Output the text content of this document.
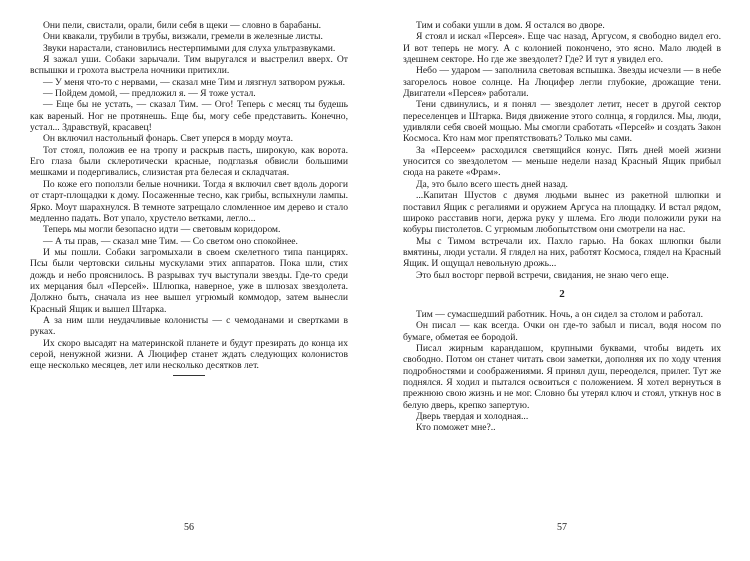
Они пели, свистали, орали, били себя в щеки — словно в барабаны.

Они квакали, трубили в трубы, визжали, гремели в железные листы.

Звуки нарастали, становились нестерпимыми для слуха ультразвуками.

Я зажал уши. Собаки зарычали. Тим выругался и выстрелил вверх. От вспышки и грохота выстрела ночники притихли.

— У меня что-то с нервами, — сказал мне Тим и лязгнул затвором ружья.

— Пойдем домой, — предложил я. — Я тоже устал.

— Еще бы не устать, — сказал Тим. — Ого! Теперь с месяц ты будешь как вареный. Ног не протянешь. Еще бы, могу себе представить. Конечно, устал... Здравствуй, красавец!

Он включил настольный фонарь. Свет уперся в морду моута.

Тот стоял, положив ее на тропу и раскрыв пасть, широкую, как ворота. Его глаза были склеротически красные, подглазья обвисли большими мешками и подергивались, слизистая рта белесая и складчатая.

По коже его поползли белые ночники. Тогда я включил свет вдоль дороги от старт-площадки к дому. Посаженные тесно, как грибы, вспыхнули лампы. Ярко. Моут шарахнулся. В темноте затрещало сломленное им дерево и стало медленно падать. Вот упало, хрустело ветками, легло...

Теперь мы могли безопасно идти — световым коридором.

— А ты прав, — сказал мне Тим. — Со светом оно спокойнее.

И мы пошли. Собаки загромыхали в своем скелетного типа панцирях. Псы были чертовски сильны мускулами этих аппаратов. Пока шли, стих дождь и небо прояснилось. В разрывах туч выступали звезды. Где-то среди их мерцания был «Персей». Шлюпка, наверное, уже в шлюзах звездолета. Должно быть, сначала из нее вышел угрюмый коммодор, затем вынесли Красный Ящик и вышел Штарка.

А за ним шли неудачливые колонисты — с чемоданами и свертками в руках.

Их скоро высадят на материнской планете и будут презирать до конца их серой, ненужной жизни. А Люцифер станет ждать следующих колонистов еще несколько месяцев, лет или несколько десятков лет.

Тим и собаки ушли в дом. Я остался во дворе.

Я стоял и искал «Персея». Еще час назад, Аргусом, я свободно видел его. И вот теперь не могу. А с колонией покончено, это ясно. Мало людей в здешнем секторе. Но где же звездолет? Где? И тут я увидел его.

Небо — ударом — заполнила световая вспышка. Звезды исчезли — в небе загорелось новое солнце. На Люцифер легли глубокие, дрожащие тени. Двигатели «Персея» работали.

Тени сдвинулись, и я понял — звездолет летит, несет в другой сектор переселенцев и Штарка. Видя движение этого солнца, я гордился. Мы, люди, удивляли себя своей мощью. Мы смогли сработать «Персей» и создать Закон Космоса. Кто нам мог препятствовать? Только мы сами.

За «Персеем» расходился светящийся конус. Пять дней моей жизни уносится со звездолетом — меньше недели назад Красный Ящик прибыл сюда на ракете «Фрам».

Да, это было всего шесть дней назад.

...Капитан Шустов с двумя людьми вынес из ракетной шлюпки и поставил Ящик с регалиями и оружием Аргуса на площадку. И встал рядом, широко расставив ноги, держа руку у шлема. Его люди положили руки на кобуры пистолетов. С угрюмым любопытством они смотрели на нас.

Мы с Тимом встречали их. Пахло гарью. На боках шлюпки были вмятины, люди устали. Я глядел на них, работят Космоса, глядел на Красный Ящик. И ощущал невольную дрожь...

Это был восторг первой встречи, свидания, не знаю чего еще.

2

Тим — сумасшедший работник. Ночь, а он сидел за столом и работал.

Он писал — как всегда. Очки он где-то забыл и писал, водя носом по бумаге, обметая ее бородой.

Писал жирным карандашом, крупными буквами, чтобы видеть их свободно. Потом он станет читать свои заметки, дополняя их по ходу чтения подробностями и соображениями. Я принял душ, переоделся, прилег. Тут же поднялся. Я ходил и пытался освоиться с положением. Я хотел вернуться в прежнюю свою жизнь и не мог. Словно бы утерял ключ и стоял, уткнув нос в белую дверь, крепко запертую.

Дверь твердая и холодная...

Кто поможет мне?..

56	57
